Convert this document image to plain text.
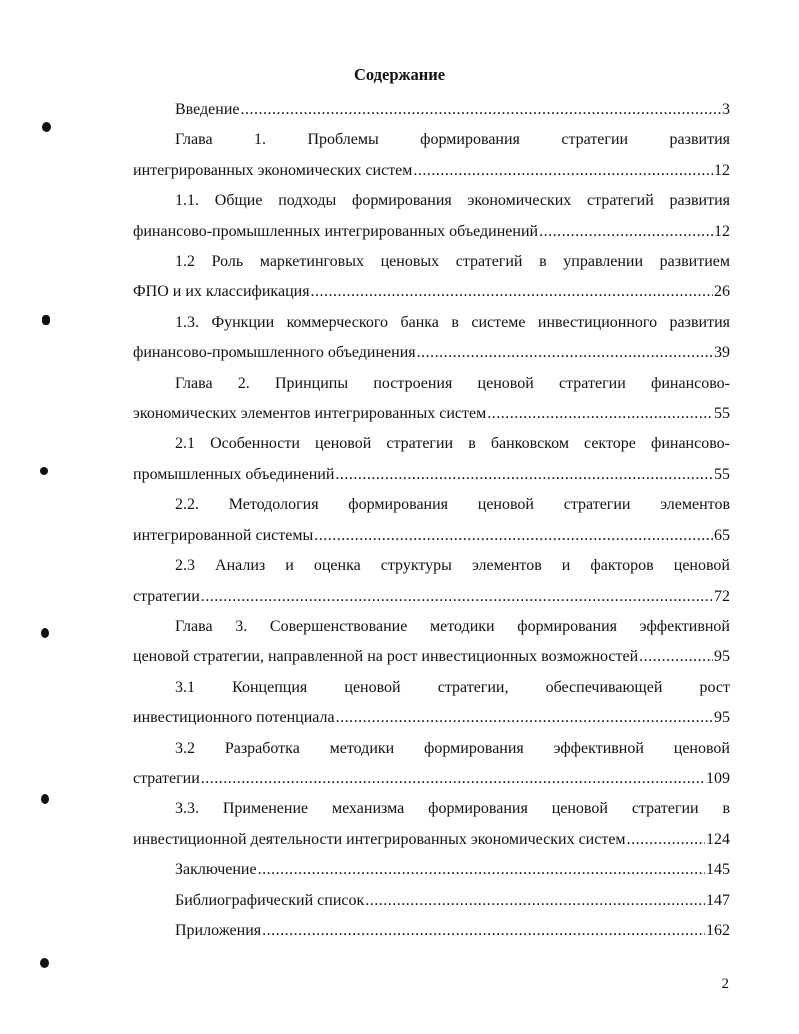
Содержание
Введение .....	3
Глава 1. Проблемы формирования стратегии развития
интегрированных экономических систем .....	12
1.1. Общие подходы формирования экономических стратегий развития
финансово-промышленных интегрированных объединений .....	12
1.2 Роль маркетинговых ценовых стратегий в управлении развитием
ФПО и их классификация .....	26
1.3. Функции коммерческого банка в системе инвестиционного развития
финансово-промышленного объединения .....	39
Глава 2. Принципы построения ценовой стратегии финансово-
экономических элементов интегрированных систем .....	55
2.1 Особенности ценовой стратегии в банковском секторе финансово-
промышленных объединений .....	55
2.2. Методология формирования ценовой стратегии элементов
интегрированной системы .....	65
2.3 Анализ и оценка структуры элементов и факторов ценовой
стратегии .....	72
Глава 3. Совершенствование методики формирования эффективной
ценовой стратегии, направленной на рост инвестиционных возможностей .....	95
3.1 Концепция ценовой стратегии, обеспечивающей рост
инвестиционного потенциала .....	95
3.2 Разработка методики формирования эффективной ценовой
стратегии .....	109
3.3. Применение механизма формирования ценовой стратегии в
инвестиционной деятельности интегрированных экономических систем .....	124
Заключение .....	145
Библиографический список .....	147
Приложения .....	162
2
